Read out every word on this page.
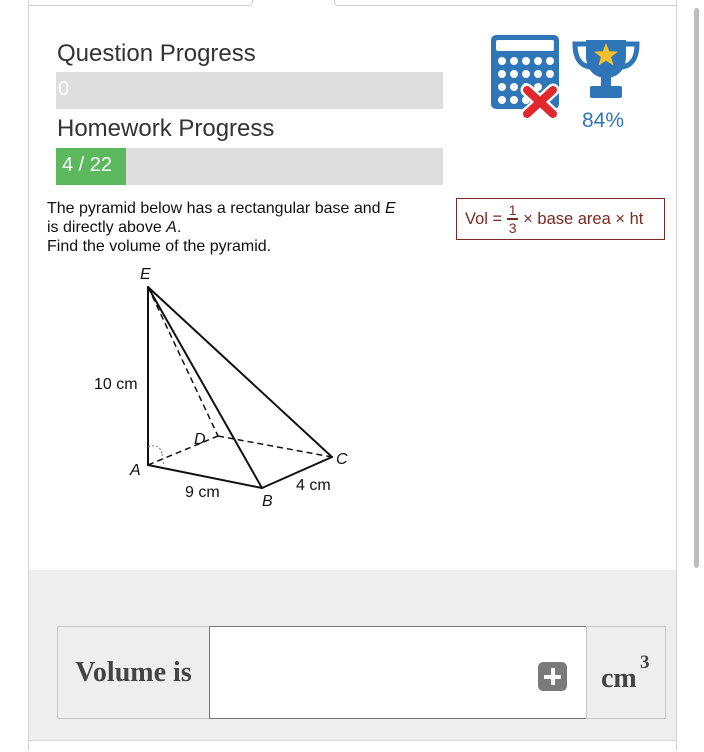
Question Progress
0
Homework Progress
4 / 22
84%

The pyramid below has a rectangular base and E

is directly above A.

Find the volume of the pyramid.

Vol = $\frac{1}{3}$ × base area × ht
E
D
A
B
C
10 cm
9 cm	4 cm
Volume is	cm
3
